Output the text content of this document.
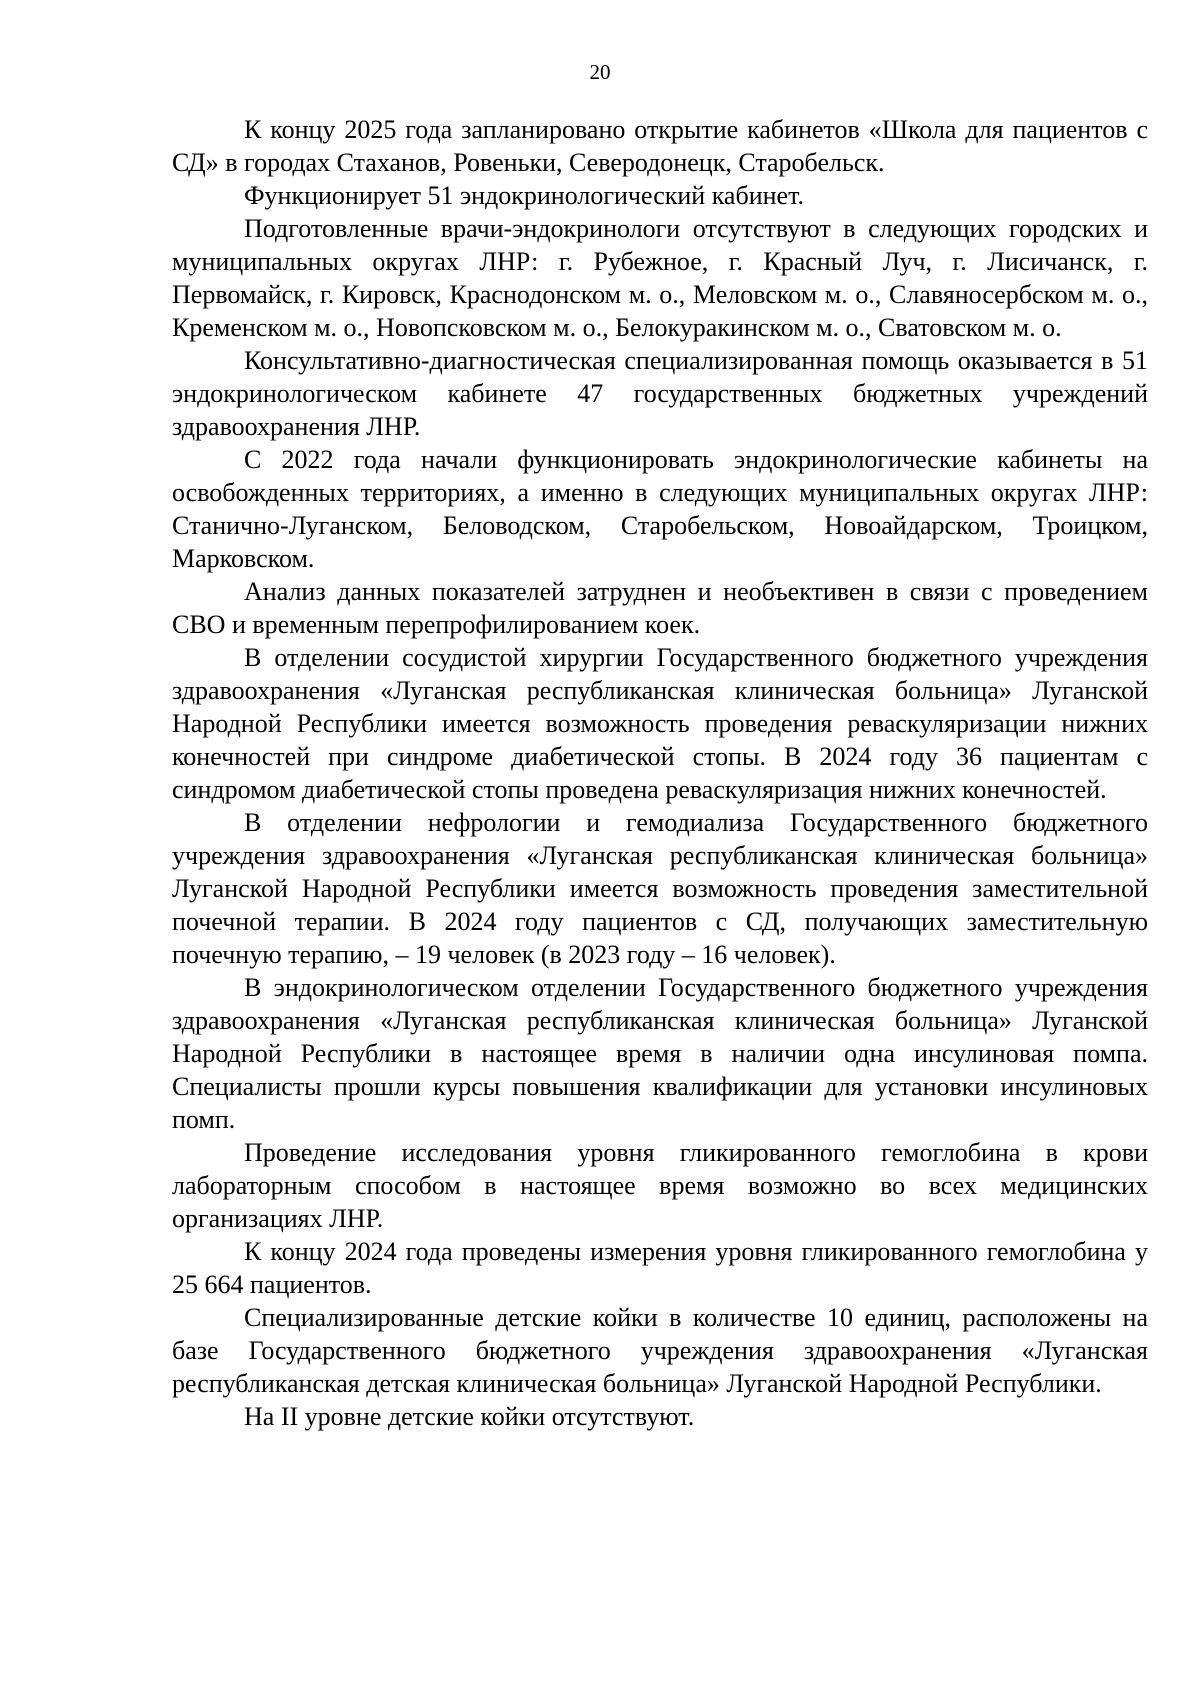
20

К концу 2025 года запланировано открытие кабинетов «Школа для пациентов с СД» в городах Стаханов, Ровеньки, Северодонецк, Старобельск.

Функционирует 51 эндокринологический кабинет.

Подготовленные врачи-эндокринологи отсутствуют в следующих городских и муниципальных округах ЛНР: г. Рубежное, г. Красный Луч, г. Лисичанск, г. Первомайск, г. Кировск, Краснодонском м. о., Меловском м. о., Славяносербском м. о., Кременском м. о., Новопсковском м. о., Белокуракинском м. о., Сватовском м. о.

Консультативно-диагностическая специализированная помощь оказывается в 51 эндокринологическом кабинете 47 государственных бюджетных учреждений здравоохранения ЛНР.

С 2022 года начали функционировать эндокринологические кабинеты на освобожденных территориях, а именно в следующих муниципальных округах ЛНР: Станично-Луганском, Беловодском, Старобельском, Новоайдарском, Троицком, Марковском.

Анализ данных показателей затруднен и необъективен в связи с проведением СВО и временным перепрофилированием коек.

В отделении сосудистой хирургии Государственного бюджетного учреждения здравоохранения «Луганская республиканская клиническая больница» Луганской Народной Республики имеется возможность проведения реваскуляризации нижних конечностей при синдроме диабетической стопы. В 2024 году 36 пациентам с синдромом диабетической стопы проведена реваскуляризация нижних конечностей.

В отделении нефрологии и гемодиализа Государственного бюджетного учреждения здравоохранения «Луганская республиканская клиническая больница» Луганской Народной Республики имеется возможность проведения заместительной почечной терапии. В 2024 году пациентов с СД, получающих заместительную почечную терапию, – 19 человек (в 2023 году – 16 человек).

В эндокринологическом отделении Государственного бюджетного учреждения здравоохранения «Луганская республиканская клиническая больница» Луганской Народной Республики в настоящее время в наличии одна инсулиновая помпа. Специалисты прошли курсы повышения квалификации для установки инсулиновых помп.

Проведение исследования уровня гликированного гемоглобина в крови лабораторным способом в настоящее время возможно во всех медицинских организациях ЛНР.

К концу 2024 года проведены измерения уровня гликированного гемоглобина у 25 664 пациентов.

Специализированные детские койки в количестве 10 единиц, расположены на базе Государственного бюджетного учреждения здравоохранения «Луганская республиканская детская клиническая больница» Луганской Народной Республики.

На II уровне детские койки отсутствуют.
